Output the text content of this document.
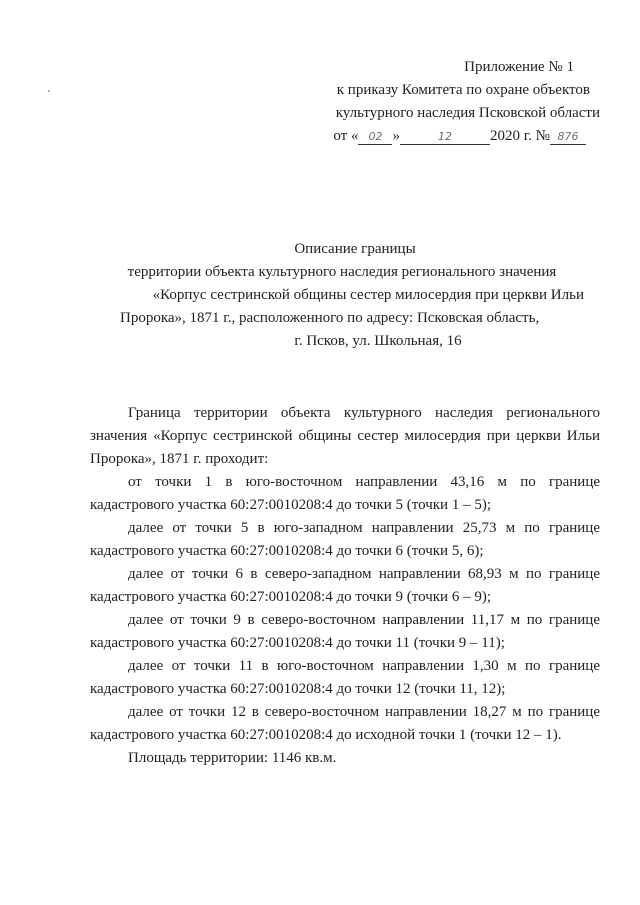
Приложение № 1
к приказу Комитета по охране объектов
культурного наследия Псковской области
от « 02 »	12	2020 г. № 876
Описание границы
территории объекта культурного наследия регионального значения
«Корпус сестринской общины сестер милосердия при церкви Ильи
Пророка», 1871 г., расположенного по адресу: Псковская область,
г. Псков, ул. Школьная, 16

Граница территории объекта культурного наследия регионального значения «Корпус сестринской общины сестер милосердия при церкви Ильи Пророка», 1871 г. проходит:

от точки 1 в юго-восточном направлении 43,16 м по границе кадастрового участка 60:27:0010208:4 до точки 5 (точки 1 – 5);

далее от точки 5 в юго-западном направлении 25,73 м по границе кадастрового участка 60:27:0010208:4 до точки 6 (точки 5, 6);

далее от точки 6 в северо-западном направлении 68,93 м по границе кадастрового участка 60:27:0010208:4 до точки 9 (точки 6 – 9);

далее от точки 9 в северо-восточном направлении 11,17 м по границе кадастрового участка 60:27:0010208:4 до точки 11 (точки 9 – 11);

далее от точки 11 в юго-восточном направлении 1,30 м по границе кадастрового участка 60:27:0010208:4 до точки 12 (точки 11, 12);

далее от точки 12 в северо-восточном направлении 18,27 м по границе кадастрового участка 60:27:0010208:4 до исходной точки 1 (точки 12 – 1).

Площадь территории: 1146 кв.м.
